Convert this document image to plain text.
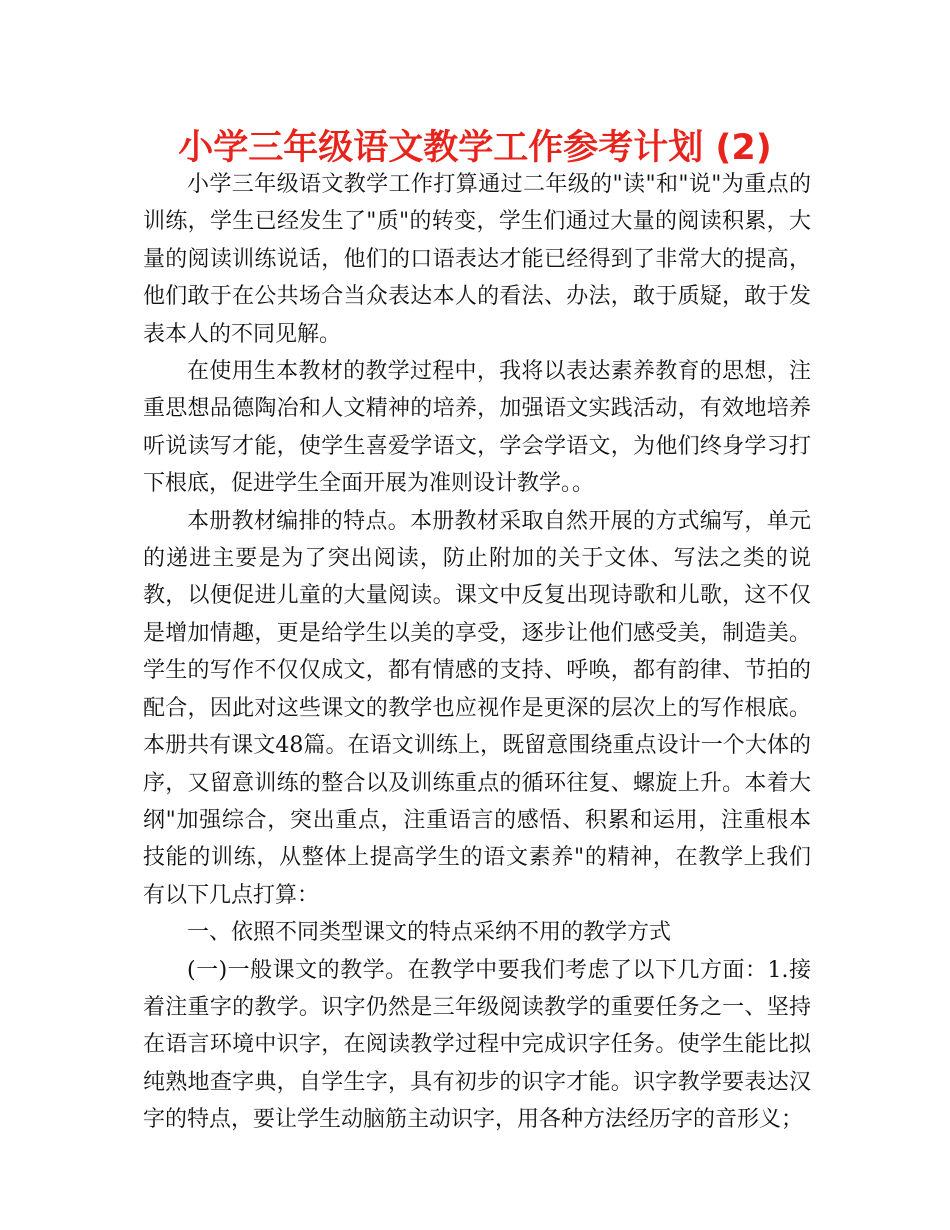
小学三年级语文教学工作参考计划 (2)

小学三年级语文教学工作打算通过二年级的"读"和"说"为重点的训练，学生已经发生了"质"的转变，学生们通过大量的阅读积累，大量的阅读训练说话，他们的口语表达才能已经得到了非常大的提高，他们敢于在公共场合当众表达本人的看法、办法，敢于质疑，敢于发表本人的不同见解。

在使用生本教材的教学过程中，我将以表达素养教育的思想，注重思想品德陶冶和人文精神的培养，加强语文实践活动，有效地培养听说读写才能，使学生喜爱学语文，学会学语文，为他们终身学习打下根底，促进学生全面开展为准则设计教学。。

本册教材编排的特点。本册教材采取自然开展的方式编写，单元的递进主要是为了突出阅读，防止附加的关于文体、写法之类的说教，以便促进儿童的大量阅读。课文中反复出现诗歌和儿歌，这不仅是增加情趣，更是给学生以美的享受，逐步让他们感受美，制造美。学生的写作不仅仅成文，都有情感的支持、呼唤，都有韵律、节拍的配合，因此对这些课文的教学也应视作是更深的层次上的写作根底。本册共有课文48篇。在语文训练上，既留意围绕重点设计一个大体的序，又留意训练的整合以及训练重点的循环往复、螺旋上升。本着大纲"加强综合，突出重点，注重语言的感悟、积累和运用，注重根本技能的训练，从整体上提高学生的语文素养"的精神，在教学上我们有以下几点打算：

一、依照不同类型课文的特点采纳不用的教学方式

(一)一般课文的教学。在教学中要我们考虑了以下几方面：1.接着注重字的教学。识字仍然是三年级阅读教学的重要任务之一、坚持在语言环境中识字，在阅读教学过程中完成识字任务。使学生能比拟纯熟地查字典，自学生字，具有初步的识字才能。识字教学要表达汉字的特点，要让学生动脑筋主动识字，用各种方法经历字的音形义；
